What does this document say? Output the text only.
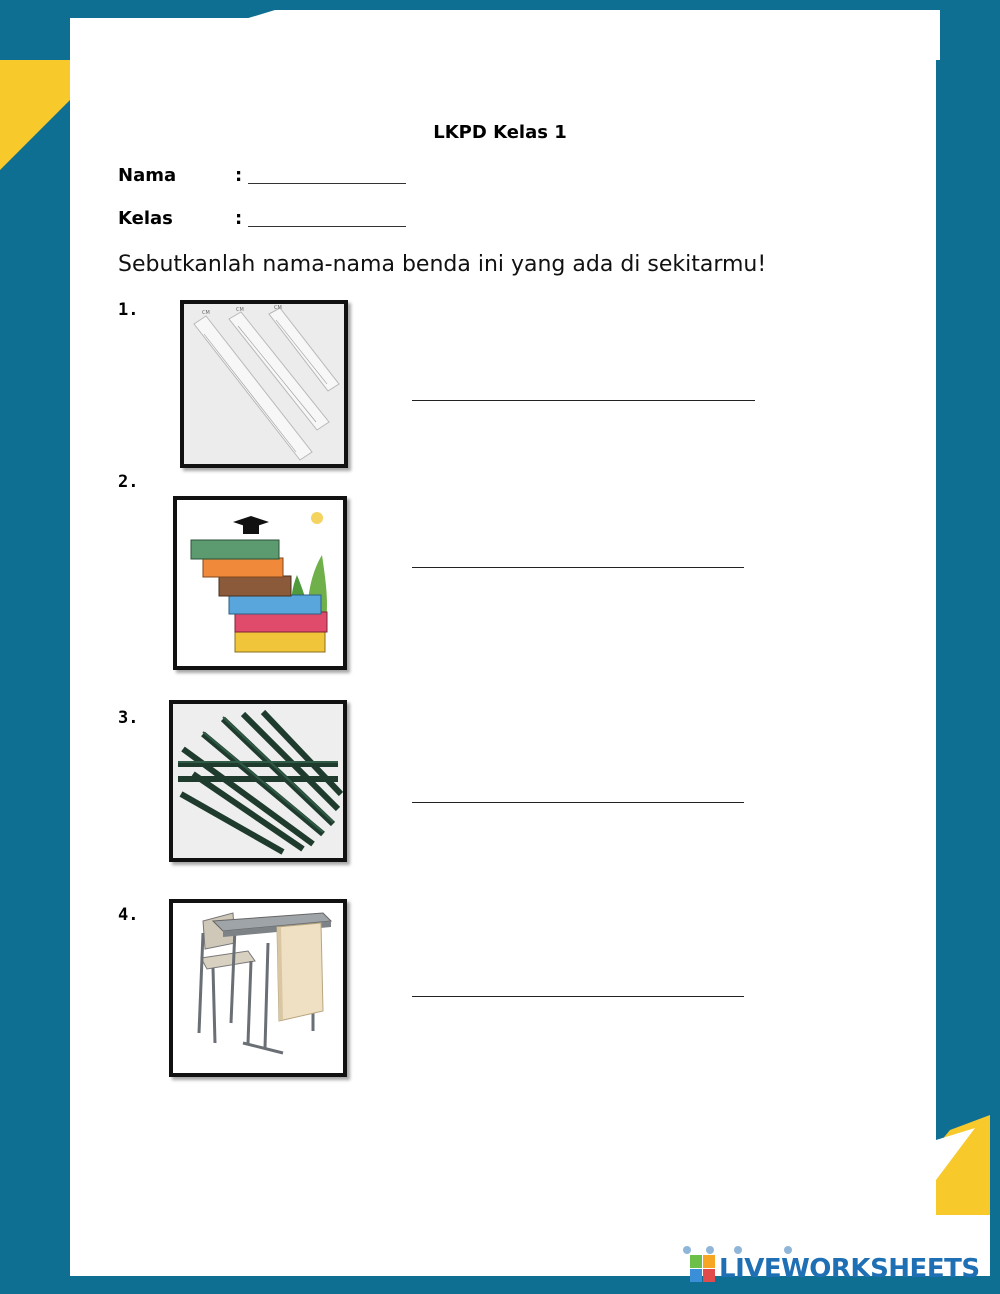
LKPD Kelas 1
Nama	:
Kelas	:
Sebutkanlah nama-nama benda ini yang ada di sekitarmu!
1.	CM	CM	CM
2.
3.
4.
LIVEWORKSHEETS
